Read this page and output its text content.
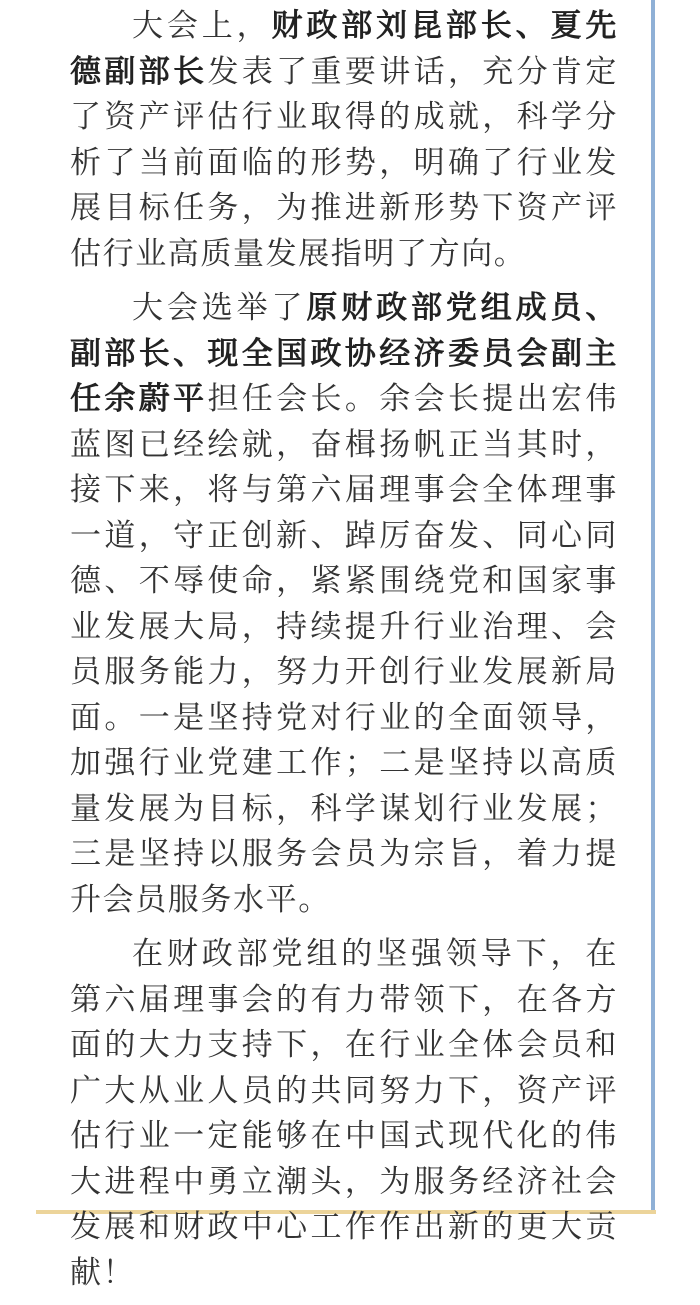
大会上，财政部刘昆部长、夏先德副部长发表了重要讲话，充分肯定了资产评估行业取得的成就，科学分析了当前面临的形势，明确了行业发展目标任务，为推进新形势下资产评估行业高质量发展指明了方向。

大会选举了原财政部党组成员、副部长、现全国政协经济委员会副主任余蔚平担任会长。余会长提出宏伟蓝图已经绘就，奋楫扬帆正当其时，接下来，将与第六届理事会全体理事一道，守正创新、踔厉奋发、同心同德、不辱使命，紧紧围绕党和国家事业发展大局，持续提升行业治理、会员服务能力，努力开创行业发展新局面。一是坚持党对行业的全面领导，加强行业党建工作；二是坚持以高质量发展为目标，科学谋划行业发展；三是坚持以服务会员为宗旨，着力提升会员服务水平。

在财政部党组的坚强领导下，在第六届理事会的有力带领下，在各方面的大力支持下，在行业全体会员和广大从业人员的共同努力下，资产评估行业一定能够在中国式现代化的伟大进程中勇立潮头，为服务经济社会发展和财政中心工作作出新的更大贡献！
